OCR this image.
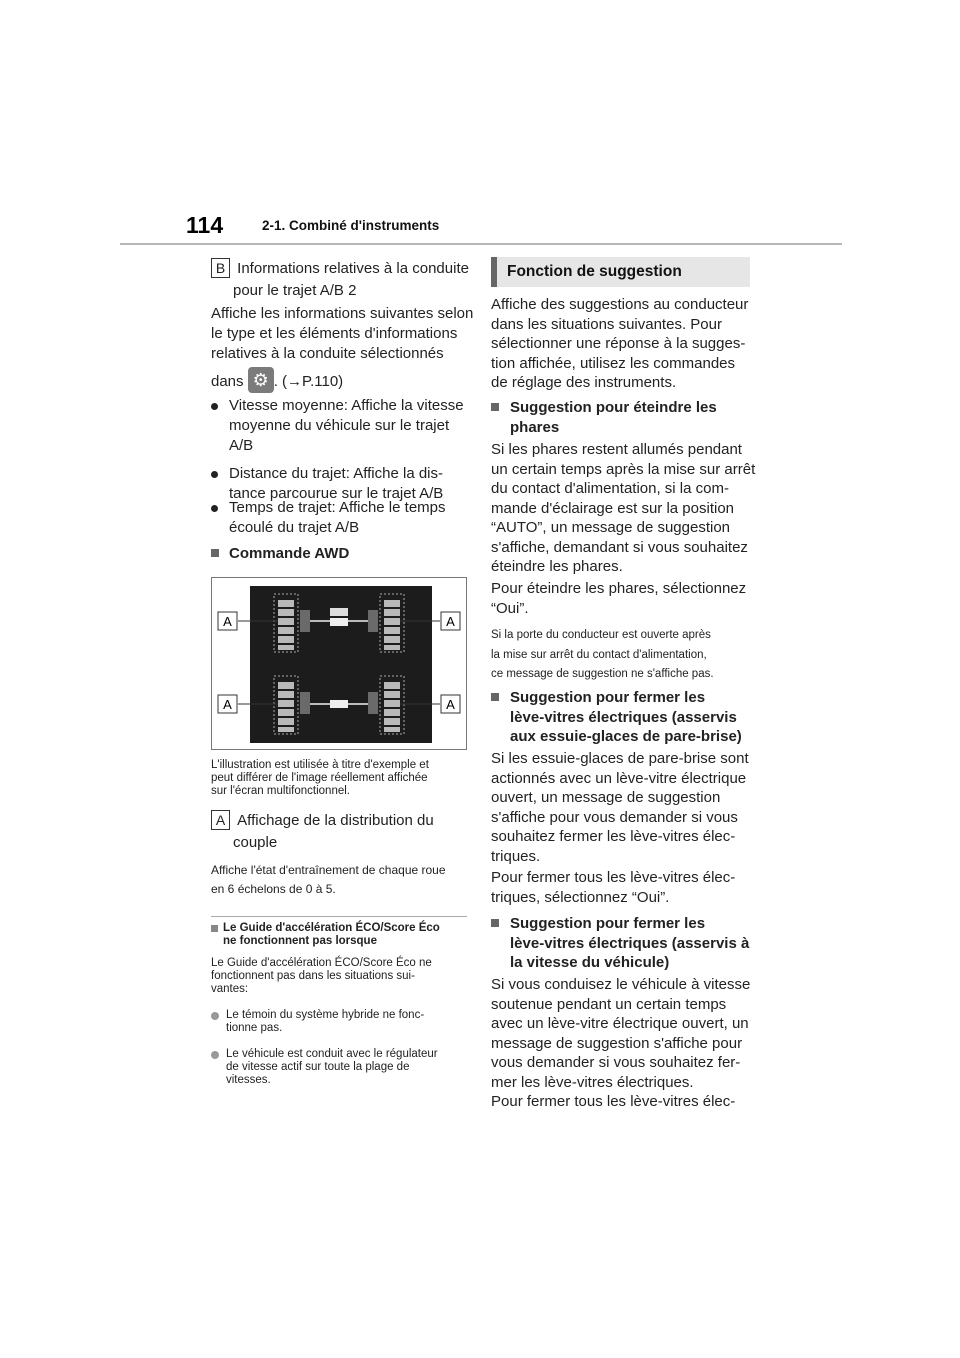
114	2-1. Combiné d'instruments
B Informations relatives à la conduite
pour le trajet A/B 2
Affiche les informations suivantes selon
le type et les éléments d'informations
relatives à la conduite sélectionnés
dans ⚙ . (→P.110)
Vitesse moyenne: Affiche la vitesse
moyenne du véhicule sur le trajet
A/B
Distance du trajet: Affiche la dis-
tance parcourue sur le trajet A/B
Temps de trajet: Affiche le temps
écoulé du trajet A/B
Commande AWD
A	A
A	A
L'illustration est utilisée à titre d'exemple et
peut différer de l'image réellement affichée
sur l'écran multifonctionnel.
A Affichage de la distribution du
couple
Affiche l'état d'entraînement de chaque roue
en 6 échelons de 0 à 5.
Le Guide d'accélération ÉCO/Score Éco
ne fonctionnent pas lorsque
Le Guide d'accélération ÉCO/Score Éco ne
fonctionnent pas dans les situations sui-
vantes:
Le témoin du système hybride ne fonc-
tionne pas.
Le véhicule est conduit avec le régulateur
de vitesse actif sur toute la plage de
vitesses.
Fonction de suggestion
Affiche des suggestions au conducteur
dans les situations suivantes. Pour
sélectionner une réponse à la sugges-
tion affichée, utilisez les commandes
de réglage des instruments.
Suggestion pour éteindre les
phares
Si les phares restent allumés pendant
un certain temps après la mise sur arrêt
du contact d'alimentation, si la com-
mande d'éclairage est sur la position
“AUTO”, un message de suggestion
s'affiche, demandant si vous souhaitez
éteindre les phares.
Pour éteindre les phares, sélectionnez
“Oui”.
Si la porte du conducteur est ouverte après
la mise sur arrêt du contact d'alimentation,
ce message de suggestion ne s'affiche pas.
Suggestion pour fermer les
lève-vitres électriques (asservis
aux essuie-glaces de pare-brise)
Si les essuie-glaces de pare-brise sont
actionnés avec un lève-vitre électrique
ouvert, un message de suggestion
s'affiche pour vous demander si vous
souhaitez fermer les lève-vitres élec-
triques.
Pour fermer tous les lève-vitres élec-
triques, sélectionnez “Oui”.
Suggestion pour fermer les
lève-vitres électriques (asservis à
la vitesse du véhicule)
Si vous conduisez le véhicule à vitesse
soutenue pendant un certain temps
avec un lève-vitre électrique ouvert, un
message de suggestion s'affiche pour
vous demander si vous souhaitez fer-
mer les lève-vitres électriques.
Pour fermer tous les lève-vitres élec-
